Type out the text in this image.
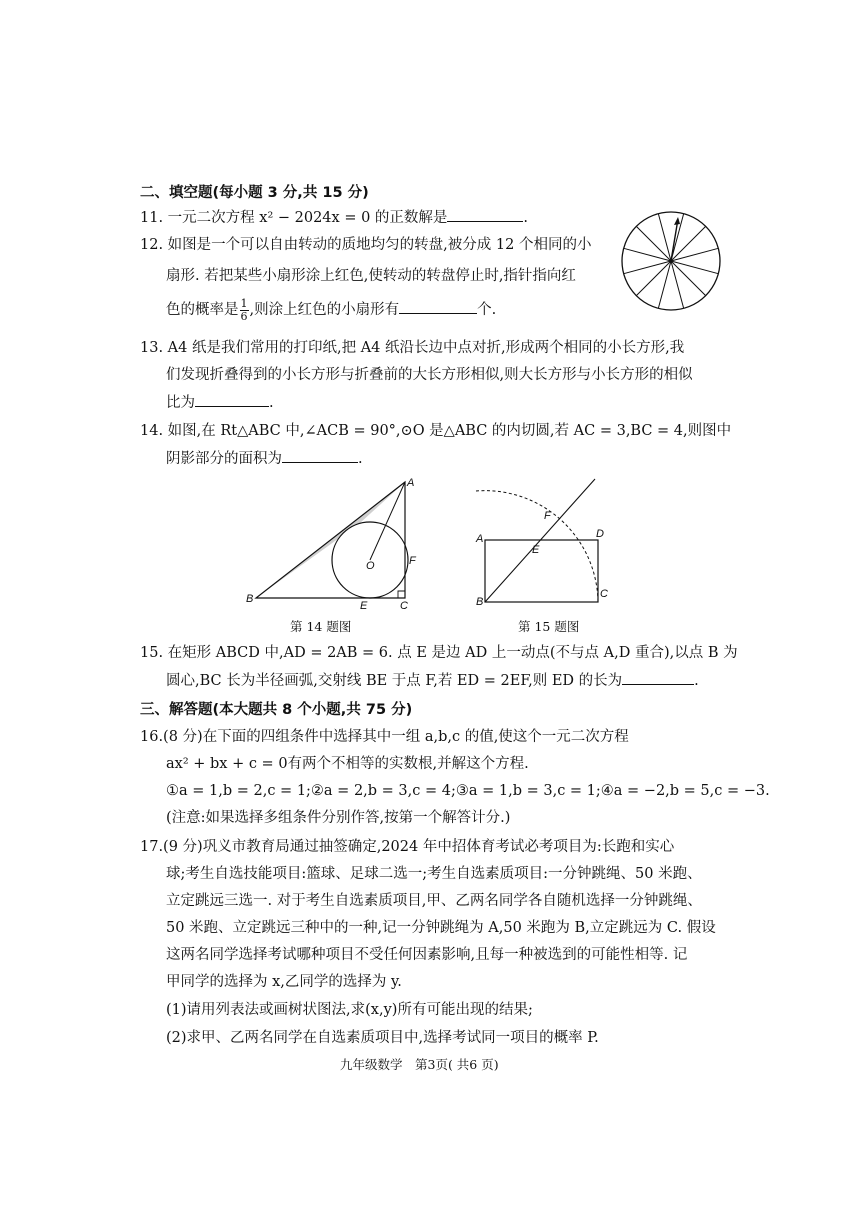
二、填空题(每小题 3 分,共 15 分)
11. 一元二次方程 x² − 2024x = 0 的正数解是	.
12. 如图是一个可以自由转动的质地均匀的转盘,被分成 12 个相同的小
扇形. 若把某些小扇形涂上红色,使转动的转盘停止时,指针指向红
色的概率是 $\frac{1}{6}$ ,则涂上红色的小扇形有	个.
13. A4 纸是我们常用的打印纸,把 A4 纸沿长边中点对折,形成两个相同的小长方形,我
们发现折叠得到的小长方形与折叠前的大长方形相似,则大长方形与小长方形的相似
比为	.
14. 如图,在 Rt△ABC 中,∠ACB = 90°,⊙O 是△ABC 的内切圆,若 AC = 3,BC = 4,则图中
阴影部分的面积为	.
A
B
C
E
F
O
第 14 题图
A
B
C
D
E
F
第 15 题图
15. 在矩形 ABCD 中,AD = 2AB = 6. 点 E 是边 AD 上一动点(不与点 A,D 重合),以点 B 为
圆心,BC 长为半径画弧,交射线 BE 于点 F,若 ED = 2EF,则 ED 的长为	.
三、解答题(本大题共 8 个小题,共 75 分)
16.(8 分)在下面的四组条件中选择其中一组 a,b,c 的值,使这个一元二次方程
ax² + bx + c = 0有两个不相等的实数根,并解这个方程.
①a = 1,b = 2,c = 1;②a = 2,b = 3,c = 4;③a = 1,b = 3,c = 1;④a = −2,b = 5,c = −3.
(注意:如果选择多组条件分别作答,按第一个解答计分.)
17.(9 分)巩义市教育局通过抽签确定,2024 年中招体育考试必考项目为:长跑和实心
球;考生自选技能项目:篮球、足球二选一;考生自选素质项目:一分钟跳绳、50 米跑、
立定跳远三选一. 对于考生自选素质项目,甲、乙两名同学各自随机选择一分钟跳绳、
50 米跑、立定跳远三种中的一种,记一分钟跳绳为 A,50 米跑为 B,立定跳远为 C. 假设
这两名同学选择考试哪种项目不受任何因素影响,且每一种被选到的可能性相等. 记
甲同学的选择为 x,乙同学的选择为 y.
(1)请用列表法或画树状图法,求(x,y)所有可能出现的结果;
(2)求甲、乙两名同学在自选素质项目中,选择考试同一项目的概率 P.
九年级数学　第3页( 共6 页)
